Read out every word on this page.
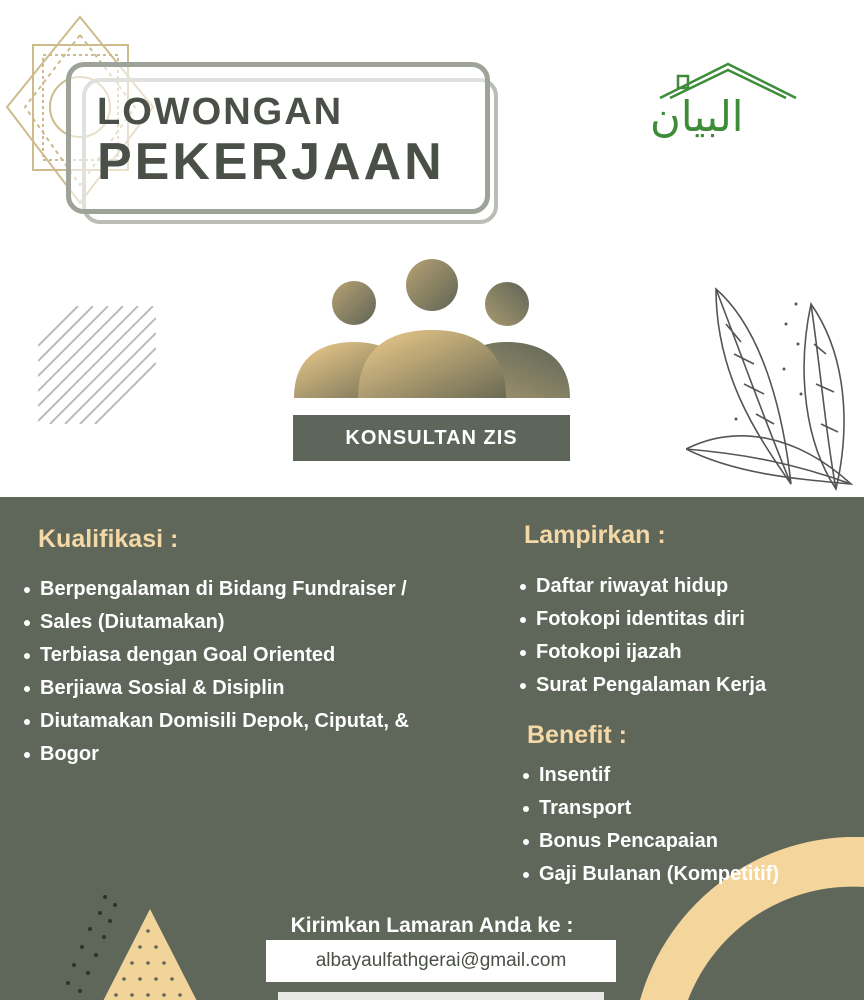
LOWONGAN
PEKERJAAN
البيان
KONSULTAN ZIS
Kualifikasi :
Berpengalaman di Bidang Fundraiser /
Sales (Diutamakan)
Terbiasa dengan Goal Oriented
Berjiawa Sosial & Disiplin
Diutamakan Domisili Depok, Ciputat, &
Bogor
Lampirkan :
Daftar riwayat hidup
Fotokopi identitas diri
Fotokopi ijazah
Surat Pengalaman Kerja
Benefit :
Insentif
Transport
Bonus Pencapaian
Gaji Bulanan (Kompetitif)
Kirimkan Lamaran Anda ke :
albayaulfathgerai@gmail.com
